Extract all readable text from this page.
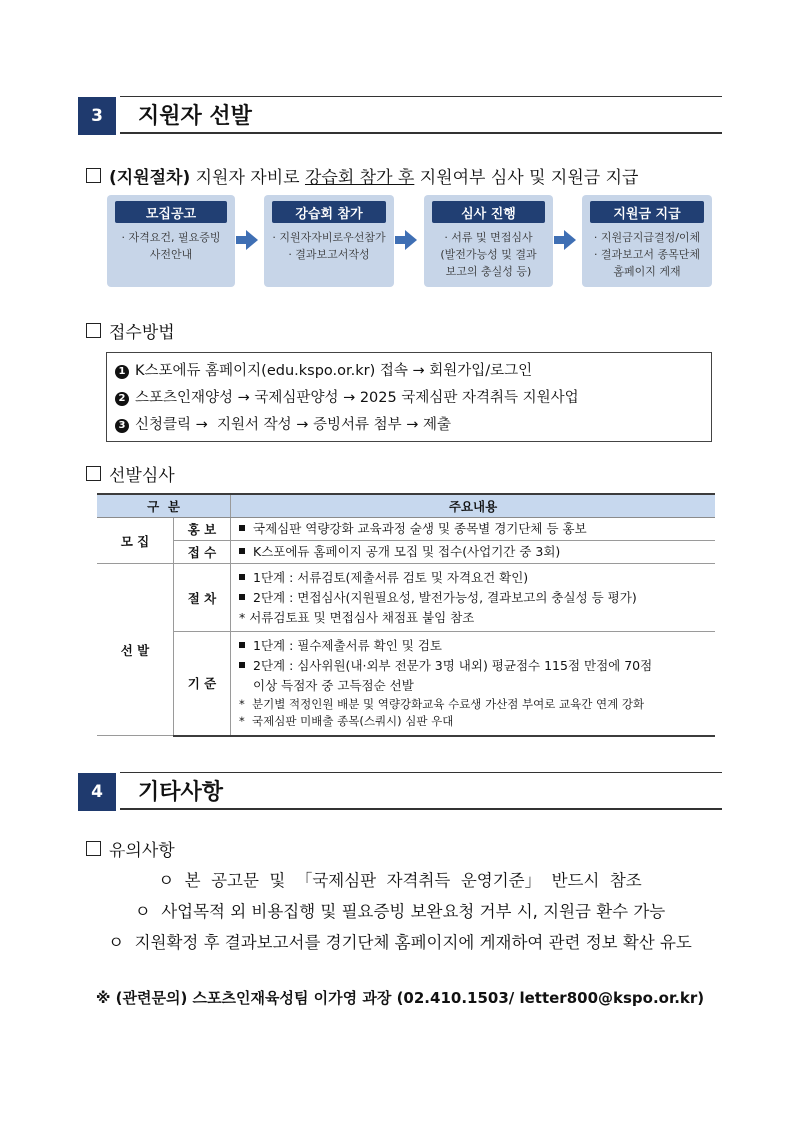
3	지원자 선발
(지원절차) 지원자 자비로 강습회 참가 후 지원여부 심사 및 지원금 지급
모집공고
· 자격요건, 필요증빙
사전안내
강습회 참가
· 지원자자비로우선참가
· 결과보고서작성
심사 진행
· 서류 및 면접심사
(발전가능성 및 결과
보고의 충실성 등)
지원금 지급
· 지원금지급결정/이체
· 결과보고서 종목단체
홈페이지 게재
접수방법
1 K스포에듀 홈페이지(edu.kspo.or.kr) 접속 → 회원가입/로그인
2 스포츠인재양성 → 국제심판양성 → 2025 국제심판 자격취득 지원사업
3 신청클릭 →  지원서 작성 → 증빙서류 첨부 → 제출
선발심사
구  분		주요내용
모 집	홍 보	국제심판 역량강화 교육과정 술생 및 종목별 경기단체 등 홍보

	접 수	K스포에듀 홈페이지 공개 모집 및 접수(사업기간 중 3회)

선 발	절 차	1단계 : 서류검토(제출서류 검토 및 자격요건 확인)
2단계 : 면접심사(지원필요성, 발전가능성, 결과보고의 충실성 등 평가)
* 서류검토표 및 면접심사 채점표 붙임 참조

	기 준	1단계 : 필수제출서류 확인 및 검토
2단계 : 심사위원(내·외부 전문가 3명 내외) 평균점수 115점 만점에 70점
이상 득점자 중 고득점순 선발
*  분기별 적정인원 배분 및 역량강화교육 수료생 가산점 부여로 교육간 연계 강화
*  국제심판 미배출 종목(스쿼시) 심판 우대
4	기타사항
유의사항
ㅇ  본  공고문  및  「국제심판  자격취득  운영기준」  반드시  참조
ㅇ  사업목적 외 비용집행 및 필요증빙 보완요청 거부 시, 지원금 환수 가능
ㅇ  지원확정 후 결과보고서를 경기단체 홈페이지에 게재하여 관련 정보 확산 유도
※ (관련문의) 스포츠인재육성팀 이가영 과장 (02.410.1503/ letter800@kspo.or.kr)
